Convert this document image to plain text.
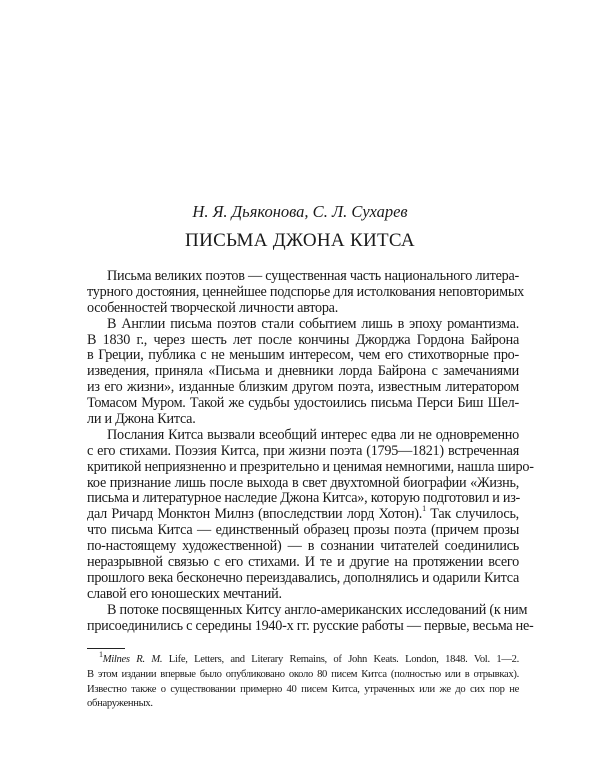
Н. Я. Дьяконова, С. Л. Сухарев
ПИСЬМА ДЖОНА КИТСА
Письма великих поэтов — существенная часть национального литера-
турного достояния, ценнейшее подспорье для истолкования неповторимых
особенностей творческой личности автора.
В Англии письма поэтов стали событием лишь в эпоху романтизма.
В 1830 г., через шесть лет после кончины Джорджа Гордона Байрона
в Греции, публика с не меньшим интересом, чем его стихотворные про-
изведения, приняла «Письма и дневники лорда Байрона с замечаниями
из его жизни», изданные близким другом поэта, известным литератором
Томасом Муром. Такой же судьбы удостоились письма Перси Биш Шел-
ли и Джона Китса.
Послания Китса вызвали всеобщий интерес едва ли не одновременно
с его стихами. Поэзия Китса, при жизни поэта (1795—1821) встреченная
критикой неприязненно и презрительно и ценимая немногими, нашла широ-
кое признание лишь после выхода в свет двухтомной биографии «Жизнь,
письма и литературное наследие Джона Китса», которую подготовил и из-
дал Ричард Монктон Милнз (впоследствии лорд Хотон).$^1$ Так случилось,
что письма Китса — единственный образец прозы поэта (причем прозы
по-настоящему художественной) — в сознании читателей соединились
неразрывной связью с его стихами. И те и другие на протяжении всего
прошлого века бесконечно переиздавались, дополнялись и одарили Китса
славой его юношеских мечтаний.
В потоке посвященных Китсу англо-американских исследований (к ним
присоединились с середины 1940-х гг. русские работы — первые, весьма не-
$^1$Milnes R. M. Life, Letters, and Literary Remains, of John Keats. London, 1848. Vol. 1—2.
В этом издании впервые было опубликовано около 80 писем Китса (полностью или в отрывках).
Известно также о существовании примерно 40 писем Китса, утраченных или же до сих пор не
обнаруженных.
